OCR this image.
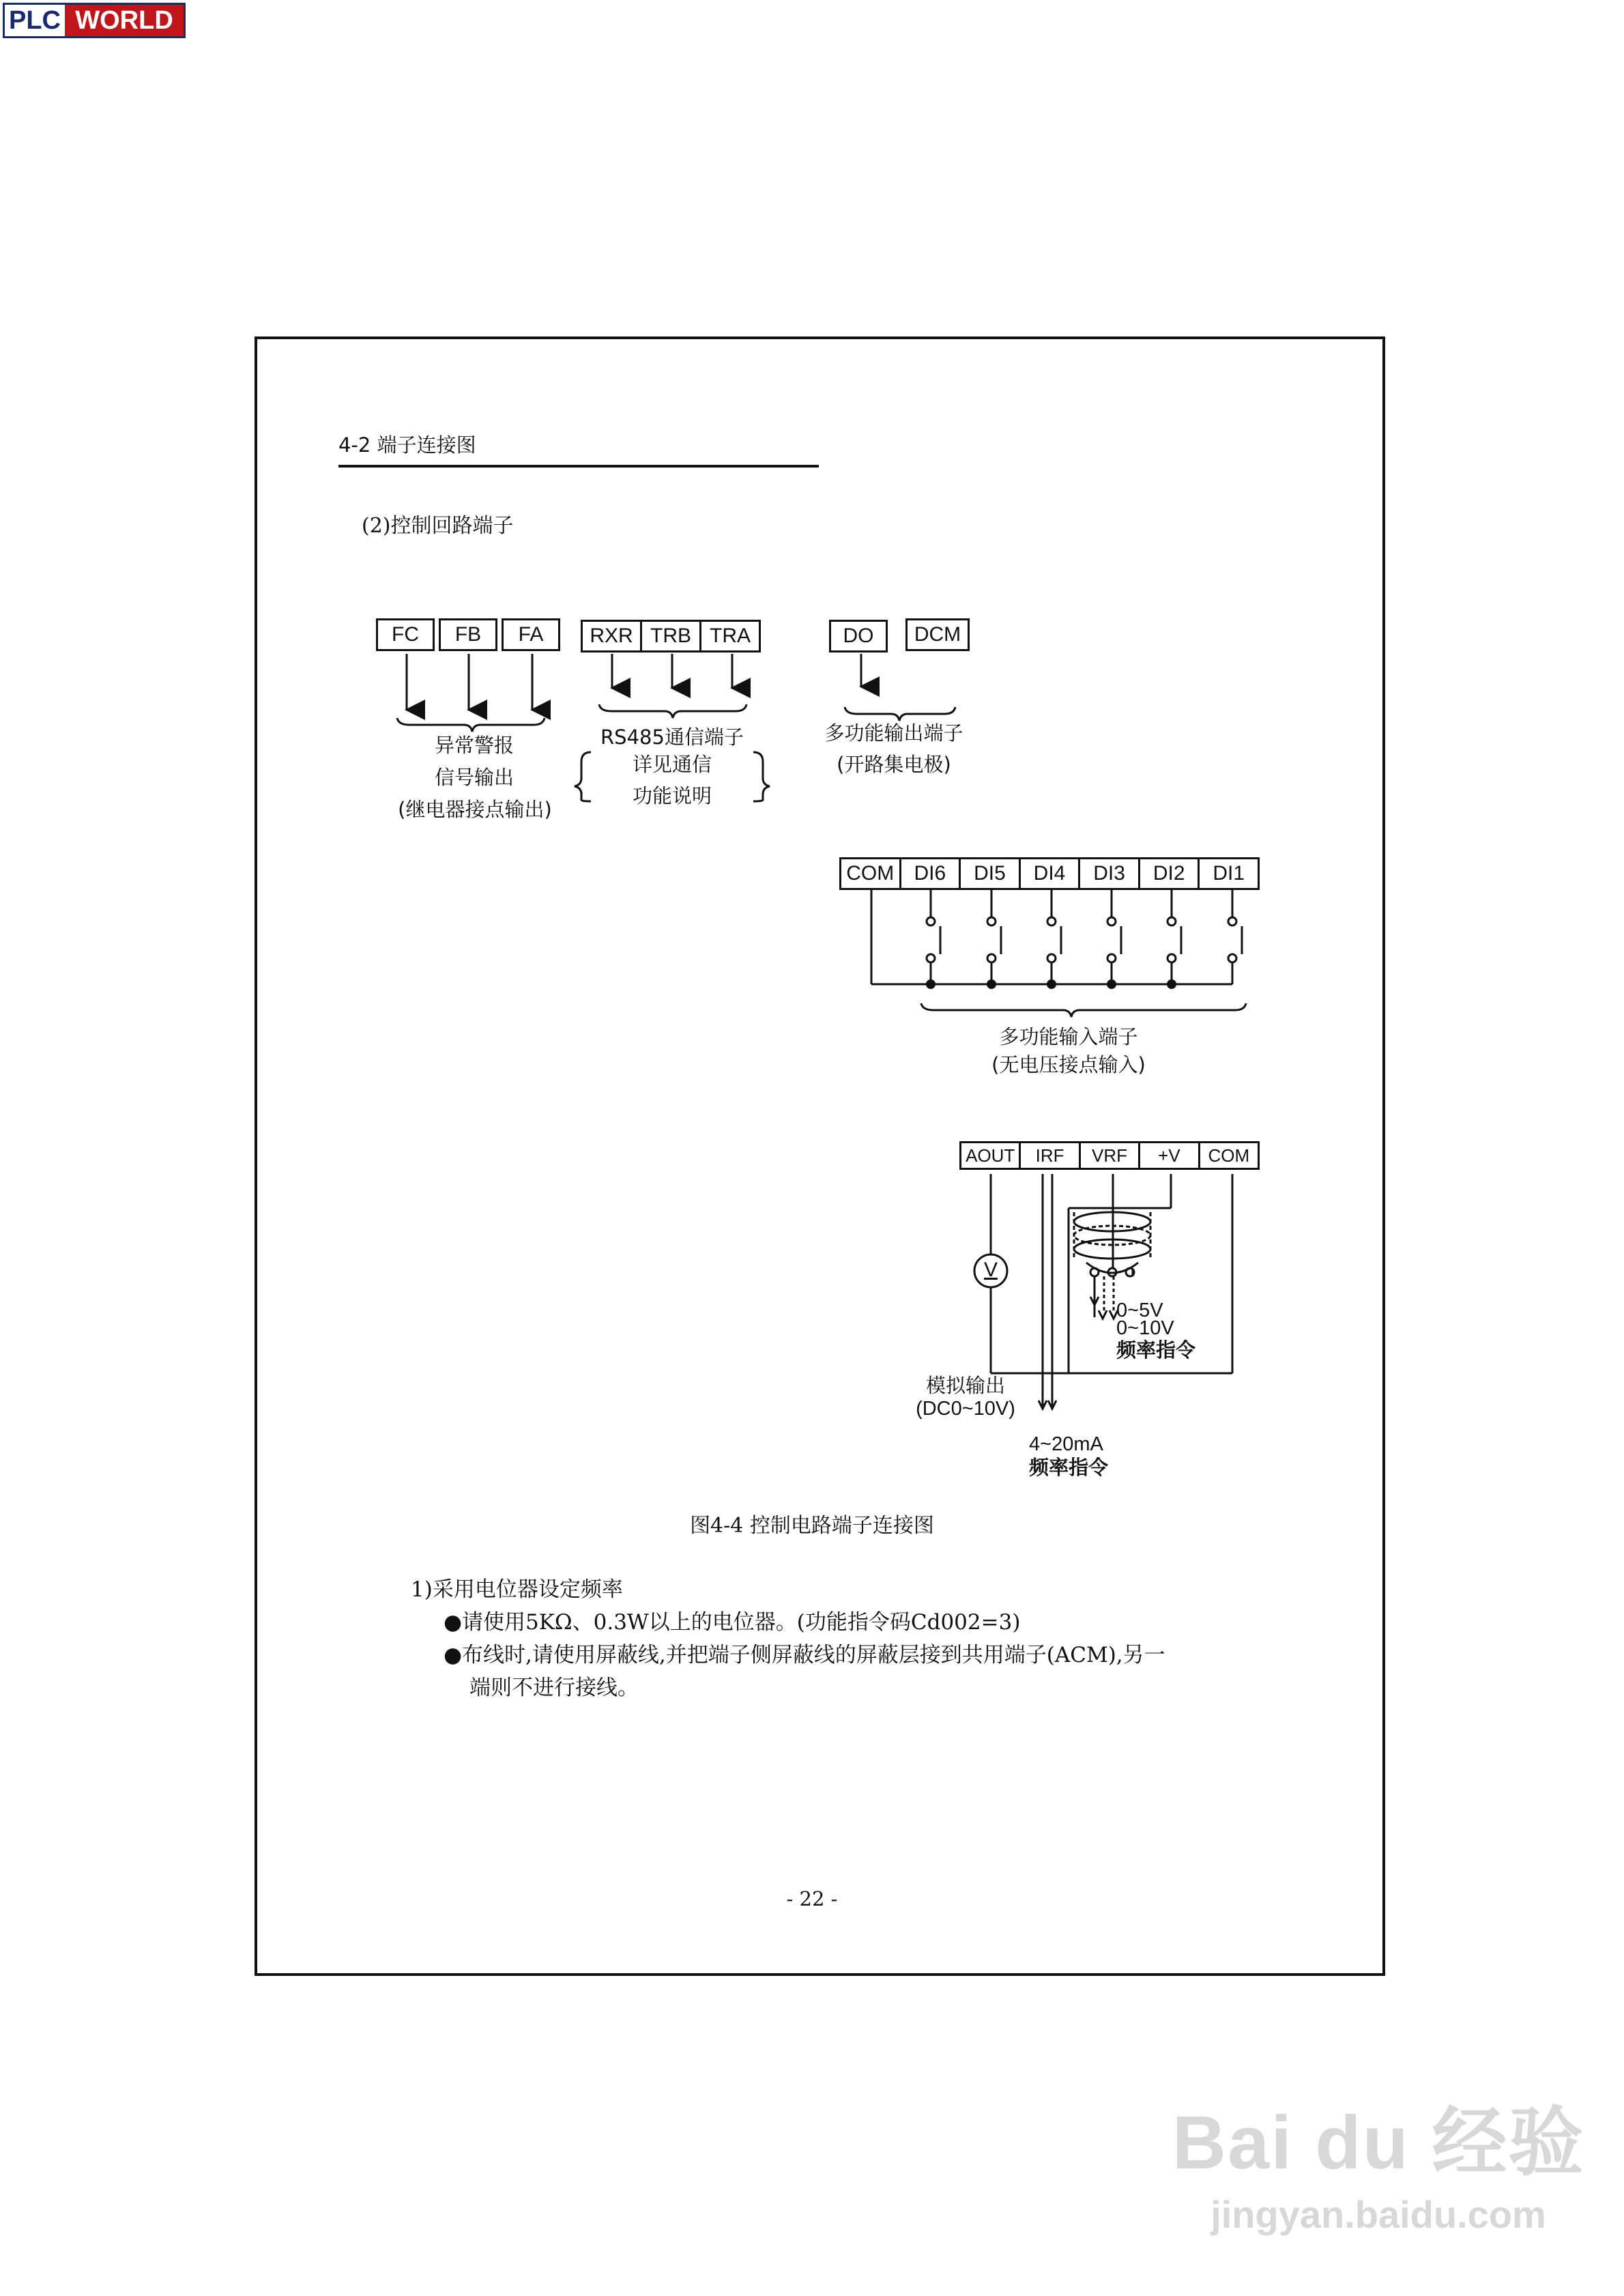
PLC WORLD
4-2 端子连接图
(2)控制回路端子
FC FB FA
异常警报
信号输出
(继电器接点输出)
RXR TRB TRA
RS485通信端子
详见通信
功能说明
DO DCM
多功能输出端子
(开路集电极)
COM DI6	DI5	DI4	DI3	DI2	DI1
多功能输入端子
(无电压接点输入)
AOUT	IRF	VRF	+V	COM
V
0~5V
0~10V
频率指令
模拟输出
(DC0~10V)
4~20mA
频率指令
图4-4 控制电路端子连接图
1)采用电位器设定频率
●请使用5KΩ、0.3W以上的电位器。(功能指令码Cd002=3)
●布线时,请使用屏蔽线,并把端子侧屏蔽线的屏蔽层接到共用端子(ACM),另一
端则不进行接线。
- 22 -
Bai du 经验
jingyan.baidu.com
